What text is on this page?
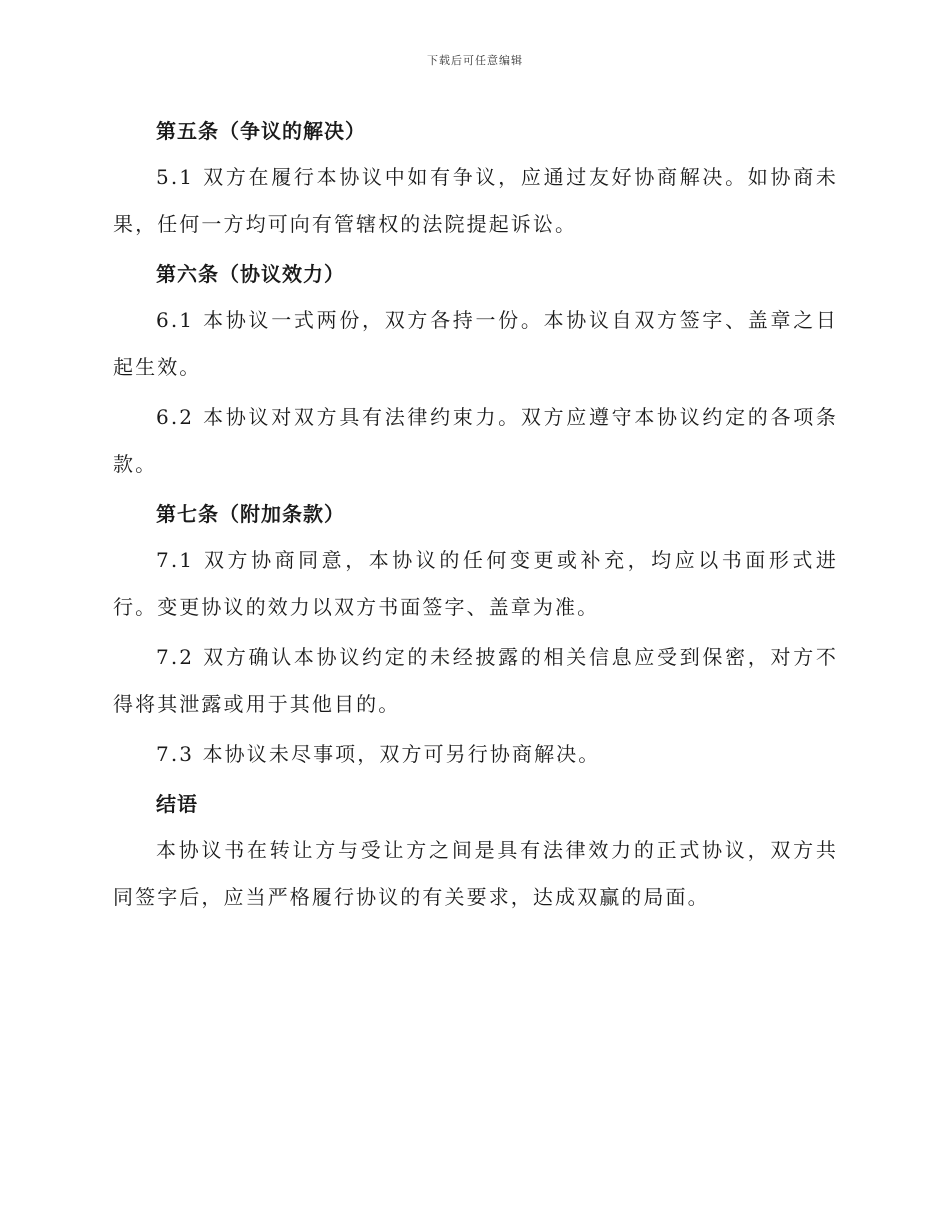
下载后可任意编辑
第五条（争议的解决）

5.1 双方在履行本协议中如有争议，应通过友好协商解决。如协商未果，任何一方均可向有管辖权的法院提起诉讼。

第六条（协议效力）

6.1 本协议一式两份，双方各持一份。本协议自双方签字、盖章之日起生效。

6.2 本协议对双方具有法律约束力。双方应遵守本协议约定的各项条款。

第七条（附加条款）

7.1 双方协商同意，本协议的任何变更或补充，均应以书面形式进行。变更协议的效力以双方书面签字、盖章为准。

7.2 双方确认本协议约定的未经披露的相关信息应受到保密，对方不得将其泄露或用于其他目的。

7.3 本协议未尽事项，双方可另行协商解决。

结语

本协议书在转让方与受让方之间是具有法律效力的正式协议，双方共同签字后，应当严格履行协议的有关要求，达成双赢的局面。
